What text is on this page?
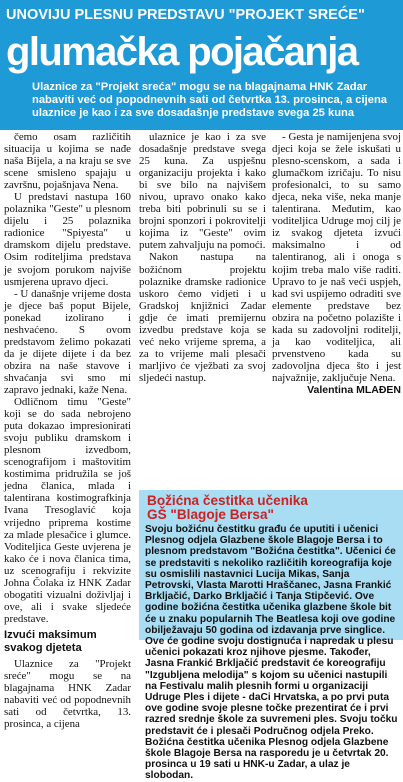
UNOVIJU PLESNU PREDSTAVU "PROJEKT SREĆE"
glumačka pojačanja
Ulaznice za "Projekt sreća" mogu se na blagajnama HNK Zadar nabaviti već od popodnevnih sati od četvrtka 13. prosinca, a cijena ulaznice je kao i za sve dosadašnje predstave svega 25 kuna

čemo osam različitih situacija u kojima se nađe naša Bijela, a na kraju se sve scene smisleno spajaju u završnu, pojašnjava Nena.

U predstavi nastupa 160 polaznika "Geste" u plesnom dijelu i 25 polaznika radionice "Spiyesta" u dramskom dijelu predstave. Osim roditeljima predstava je svojom porukom najviše usmjerena upravo djeci.

- U današnje vrijeme dosta je djece baš poput Bijele, ponekad izolirano i neshvaćeno. S ovom predstavom želimo pokazati da je dijete dijete i da bez obzira na naše stavove i shvaćanja svi smo mi zapravo jednaki, kaže Nena.

Odličnom timu "Geste" koji se do sada nebrojeno puta dokazao impresionirati svoju publiku dramskom i plesnom izvedbom, scenografijom i maštovitim kostimima pridružila se još jedna članica, mlada i talentirana kostimografkinja Ivana Tresoglavić koja vrijedno priprema kostime za mlade plesačice i glumce. Voditeljica Geste uvjerena je kako će i nova članica tima, uz scenografiju i rekvizite Johna Čolaka iz HNK Zadar obogatiti vizualni doživljaj i ove, ali i svake sljedeće predstave.

Izvući maksimum svakog djeteta

Ulaznice za "Projekt sreće" mogu se na blagajnama HNK Zadar nabaviti već od popodnevnih sati od četvrtka, 13. prosinca, a cijena

ulaznice je kao i za sve dosadašnje predstave svega 25 kuna. Za uspješnu organizaciju projekta i kako bi sve bilo na najvišem nivou, upravo onako kako treba biti pobrinuli su se i brojni sponzori i pokrovitelji kojima iz "Geste" ovim putem zahvaljuju na pomoći.

Nakon nastupa na božićnom projektu polaznike dramske radionice uskoro ćemo vidjeti i u Gradskoj knjižnici Zadar gdje će imati premijernu izvedbu predstave koja se već neko vrijeme sprema, a za to vrijeme mali plesači marljivo će vježbati za svoj sljedeći nastup.

- Gesta je namijenjena svoj djeci koja se žele iskušati u plesno-scenskom, a sada i glumačkom izričaju. To nisu profesionalci, to su samo djeca, neka više, neka manje talentirana. Međutim, kao voditeljica Udruge moj cilj je iz svakog djeteta izvući maksimalno i od talentiranog, ali i onoga s kojim treba malo više raditi. Upravo to je naš veći uspjeh, kad svi uspijemo odraditi sve elemente predstave bez obzira na početno polazište i kada su zadovoljni roditelji, ja kao voditeljica, ali prvenstveno kada su zadovoljna djeca što i jest najvažnije, zaključuje Nena.

Valentina MLAĐEN

Božićna čestitka učenika
GŠ "Blagoje Bersa"
Svoju božićnu čestitku građu će uputiti i učenici Plesnog odjela Glazbene škole Blagoje Bersa i to plesnom predstavom "Božićna čestitka". Učenici će se predstaviti s nekoliko različitih koreografija koje su osmislili nastavnici Lucija Mikas, Sanja Petrovski, Vlasta Marotti Hraščanec, Jasna Frankić Brkljačić, Darko Brkljačić i Tanja Stipčević. Ove godine božićna čestitka učenika glazbene škole bit će u znaku popularnih The Beatlesa koji ove godine obilježavaju 50 godina od izdavanja prve singlice. Ove će godine svoju dostignuća i napredak u plesu učenici pokazati kroz njihove pjesme. Također, Jasna Frankić Brkljačić predstavit će koreografiju "Izgubljena melodija" s kojom su učenici nastupili na Festivalu malih plesnih formi u organizaciji Udruge Ples i dijete - daCi Hrvatska, a po prvi puta ove godine svoje plesne točke prezentirat će i prvi razred srednje škole za suvremeni ples. Svoju točku predstavit će i plesači Područnog odjela Preko. Božićna čestitka učenika Plesnog odjela Glazbene škole Blagoje Bersa na rasporedu je u četvrtak 20. prosinca u 19 sati u HNK-u Zadar, a ulaz je slobodan.
